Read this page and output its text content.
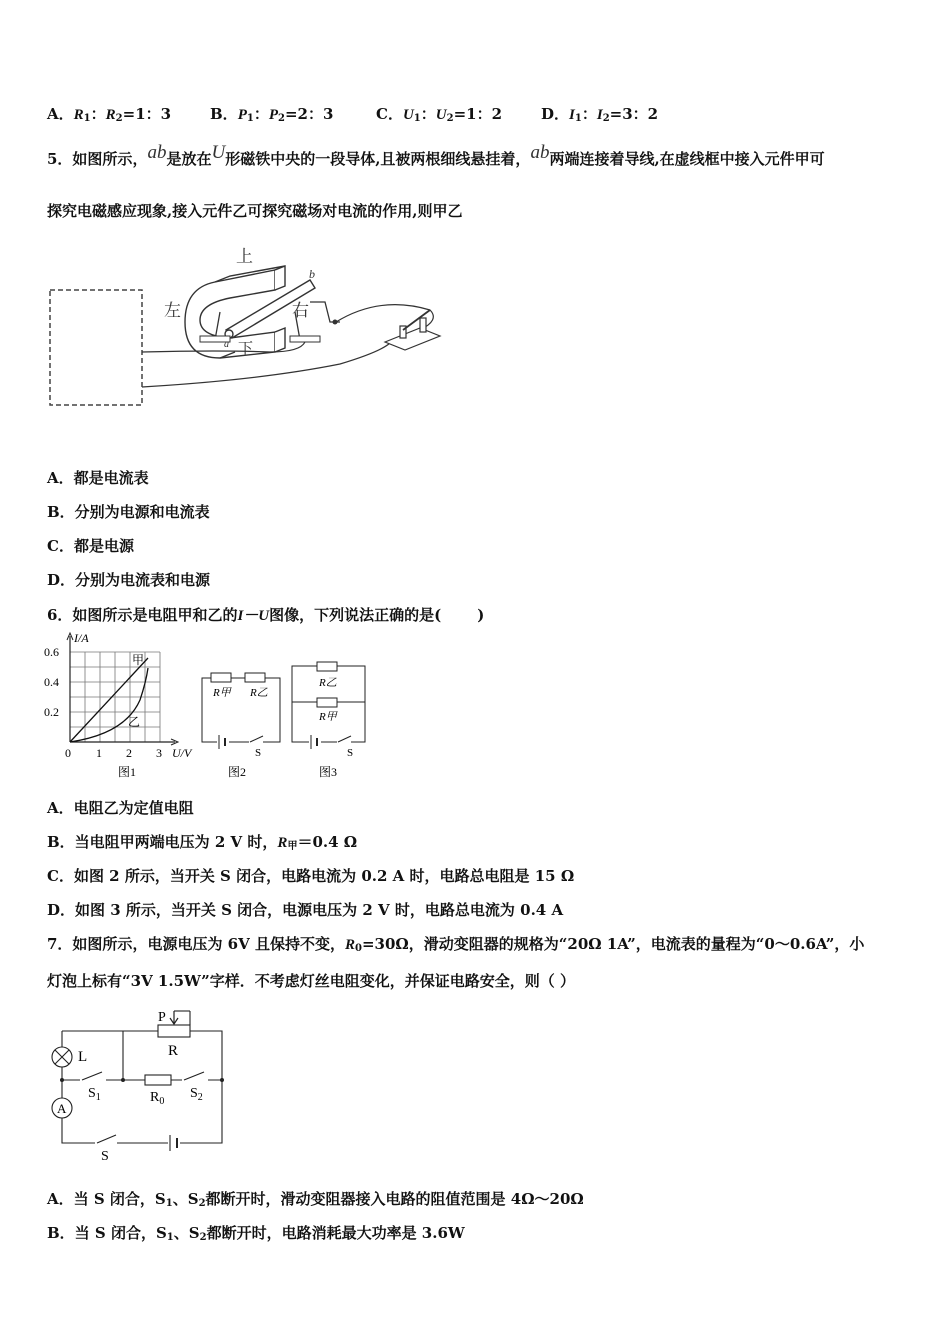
A．$R_1$：$R_2=1$：3	B．$P_1$：$P_2=2$：3	C．$U_1$：$U_2=1$：2	D．$I_1$：$I_2=3$：2
5．如图所示，ab是放在U形磁铁中央的一段导体,且被两根细线悬挂着，ab两端连接着导线,在虚线框中接入元件甲可
探究电磁感应现象,接入元件乙可探究磁场对电流的作用,则甲乙
上
左	右
下
a
b
A．都是电流表
B．分别为电源和电流表
C．都是电源
D．分别为电流表和电源
6．如图所示是电阻甲和乙的I－U图像，下列说法正确的是( )
I/A
U/V
0.6
0.4
0.2
0 1 2 3
甲
乙
图1
R甲 R乙
S
图2
R乙
R甲
S
图3
A．电阻乙为定值电阻
B．当电阻甲两端电压为 2 V 时，$R_甲=0.4$ Ω
C．如图 2 所示，当开关 S 闭合，电路电流为 0.2 A 时，电路总电阻是 15 Ω
D．如图 3 所示，当开关 S 闭合，电源电压为 2 V 时，电路总电流为 0.4 A
7．如图所示，电源电压为 6V 且保持不变，$R_0=30\Omega$，滑动变阻器的规格为“20Ω 1A”，电流表的量程为“0～0.6A”，小
灯泡上标有“3V 1.5W”字样．不考虑灯丝电阻变化，并保证电路安全，则（ ）
P
R
L
$S_1$	$R_0$
$S_2$
A
S
A．当 S 闭合，$S_1$、$S_2$都断开时，滑动变阻器接入电路的阻值范围是 4Ω～20Ω
B．当 S 闭合，$S_1$、$S_2$都断开时，电路消耗最大功率是 3.6W
